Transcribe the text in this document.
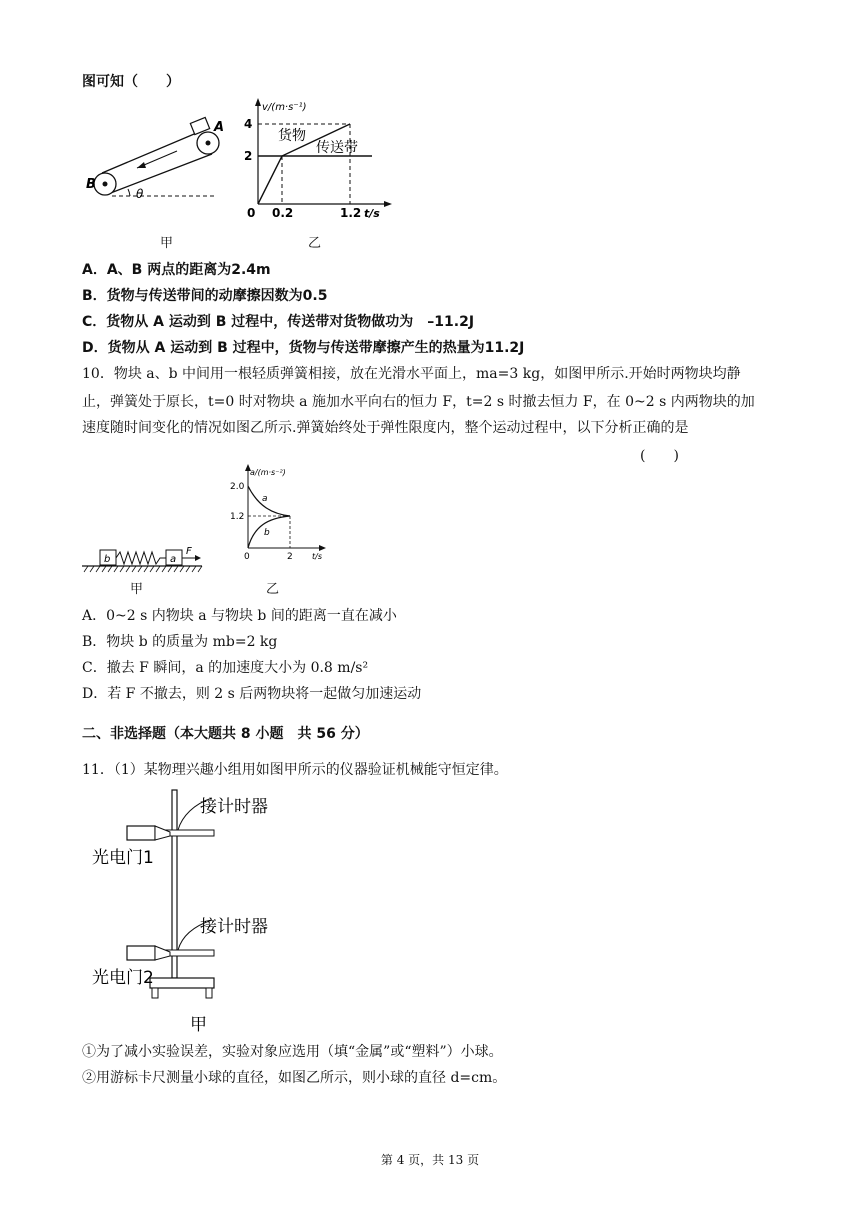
图可知（　　）
A
B
θ
甲
v/(m·s⁻¹)
4
2
0 0.2	1.2 t/s
货物
传送带
乙
A．A、B 两点的距离为2.4m
B．货物与传送带间的动摩擦因数为0.5
C．货物从 A 运动到 B 过程中，传送带对货物做功为　–11.2J
D．货物从 A 运动到 B 过程中，货物与传送带摩擦产生的热量为11.2J
10．物块 a、b 中间用一根轻质弹簧相接，放在光滑水平面上，ma=3 kg，如图甲所示.开始时两物块均静
止，弹簧处于原长，t=0 时对物块 a 施加水平向右的恒力 F，t=2 s 时撤去恒力 F，在 0~2 s 内两物块的加
速度随时间变化的情况如图乙所示.弹簧始终处于弹性限度内，整个运动过程中，以下分析正确的是
(　　)
b	a
F
甲
a/(m·s⁻²)
2.0
1.2
0	2 t/s
a
b
乙
A．0~2 s 内物块 a 与物块 b 间的距离一直在减小
B．物块 b 的质量为 mb=2 kg
C．撤去 F 瞬间，a 的加速度大小为 0.8 m/s²
D．若 F 不撤去，则 2 s 后两物块将一起做匀加速运动
二、非选择题（本大题共 8 小题　共 56 分）
11．（1）某物理兴趣小组用如图甲所示的仪器验证机械能守恒定律。
接计时器
光电门1
接计时器
光电门2
甲
①为了减小实验误差，实验对象应选用（填“金属”或“塑料”）小球。
②用游标卡尺测量小球的直径，如图乙所示，则小球的直径 d=cm。
第 4 页，共 13 页
